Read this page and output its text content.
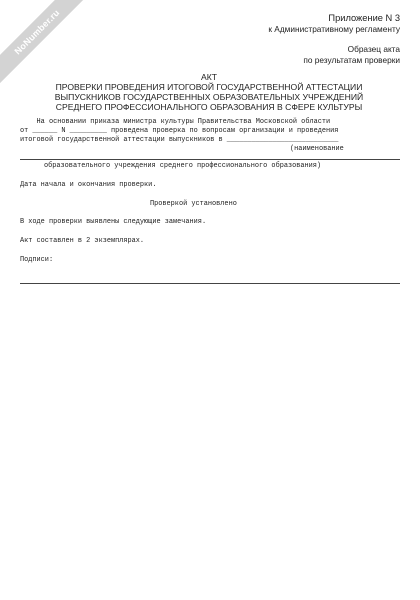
NoNumber.ru	Приложение N 3
к Административному регламенту
Образец акта
по результатам проверки
АКТ
ПРОВЕРКИ ПРОВЕДЕНИЯ ИТОГОВОЙ ГОСУДАРСТВЕННОЙ АТТЕСТАЦИИ
ВЫПУСКНИКОВ ГОСУДАРСТВЕННЫХ ОБРАЗОВАТЕЛЬНЫХ УЧРЕЖДЕНИЙ
СРЕДНЕГО ПРОФЕССИОНАЛЬНОГО ОБРАЗОВАНИЯ В СФЕРЕ КУЛЬТУРЫ
На основании приказа министра культуры Правительства Московской области
от ______ N _________ проведена проверка по вопросам организации и проведения
итоговой государственной аттестации выпускников в ___________________________
(наименование
образовательного учреждения среднего профессионального образования)
Дата начала и окончания проверки.
Проверкой установлено
В ходе проверки выявлены следующие замечания.
Акт составлен в 2 экземплярах.
Подписи:
